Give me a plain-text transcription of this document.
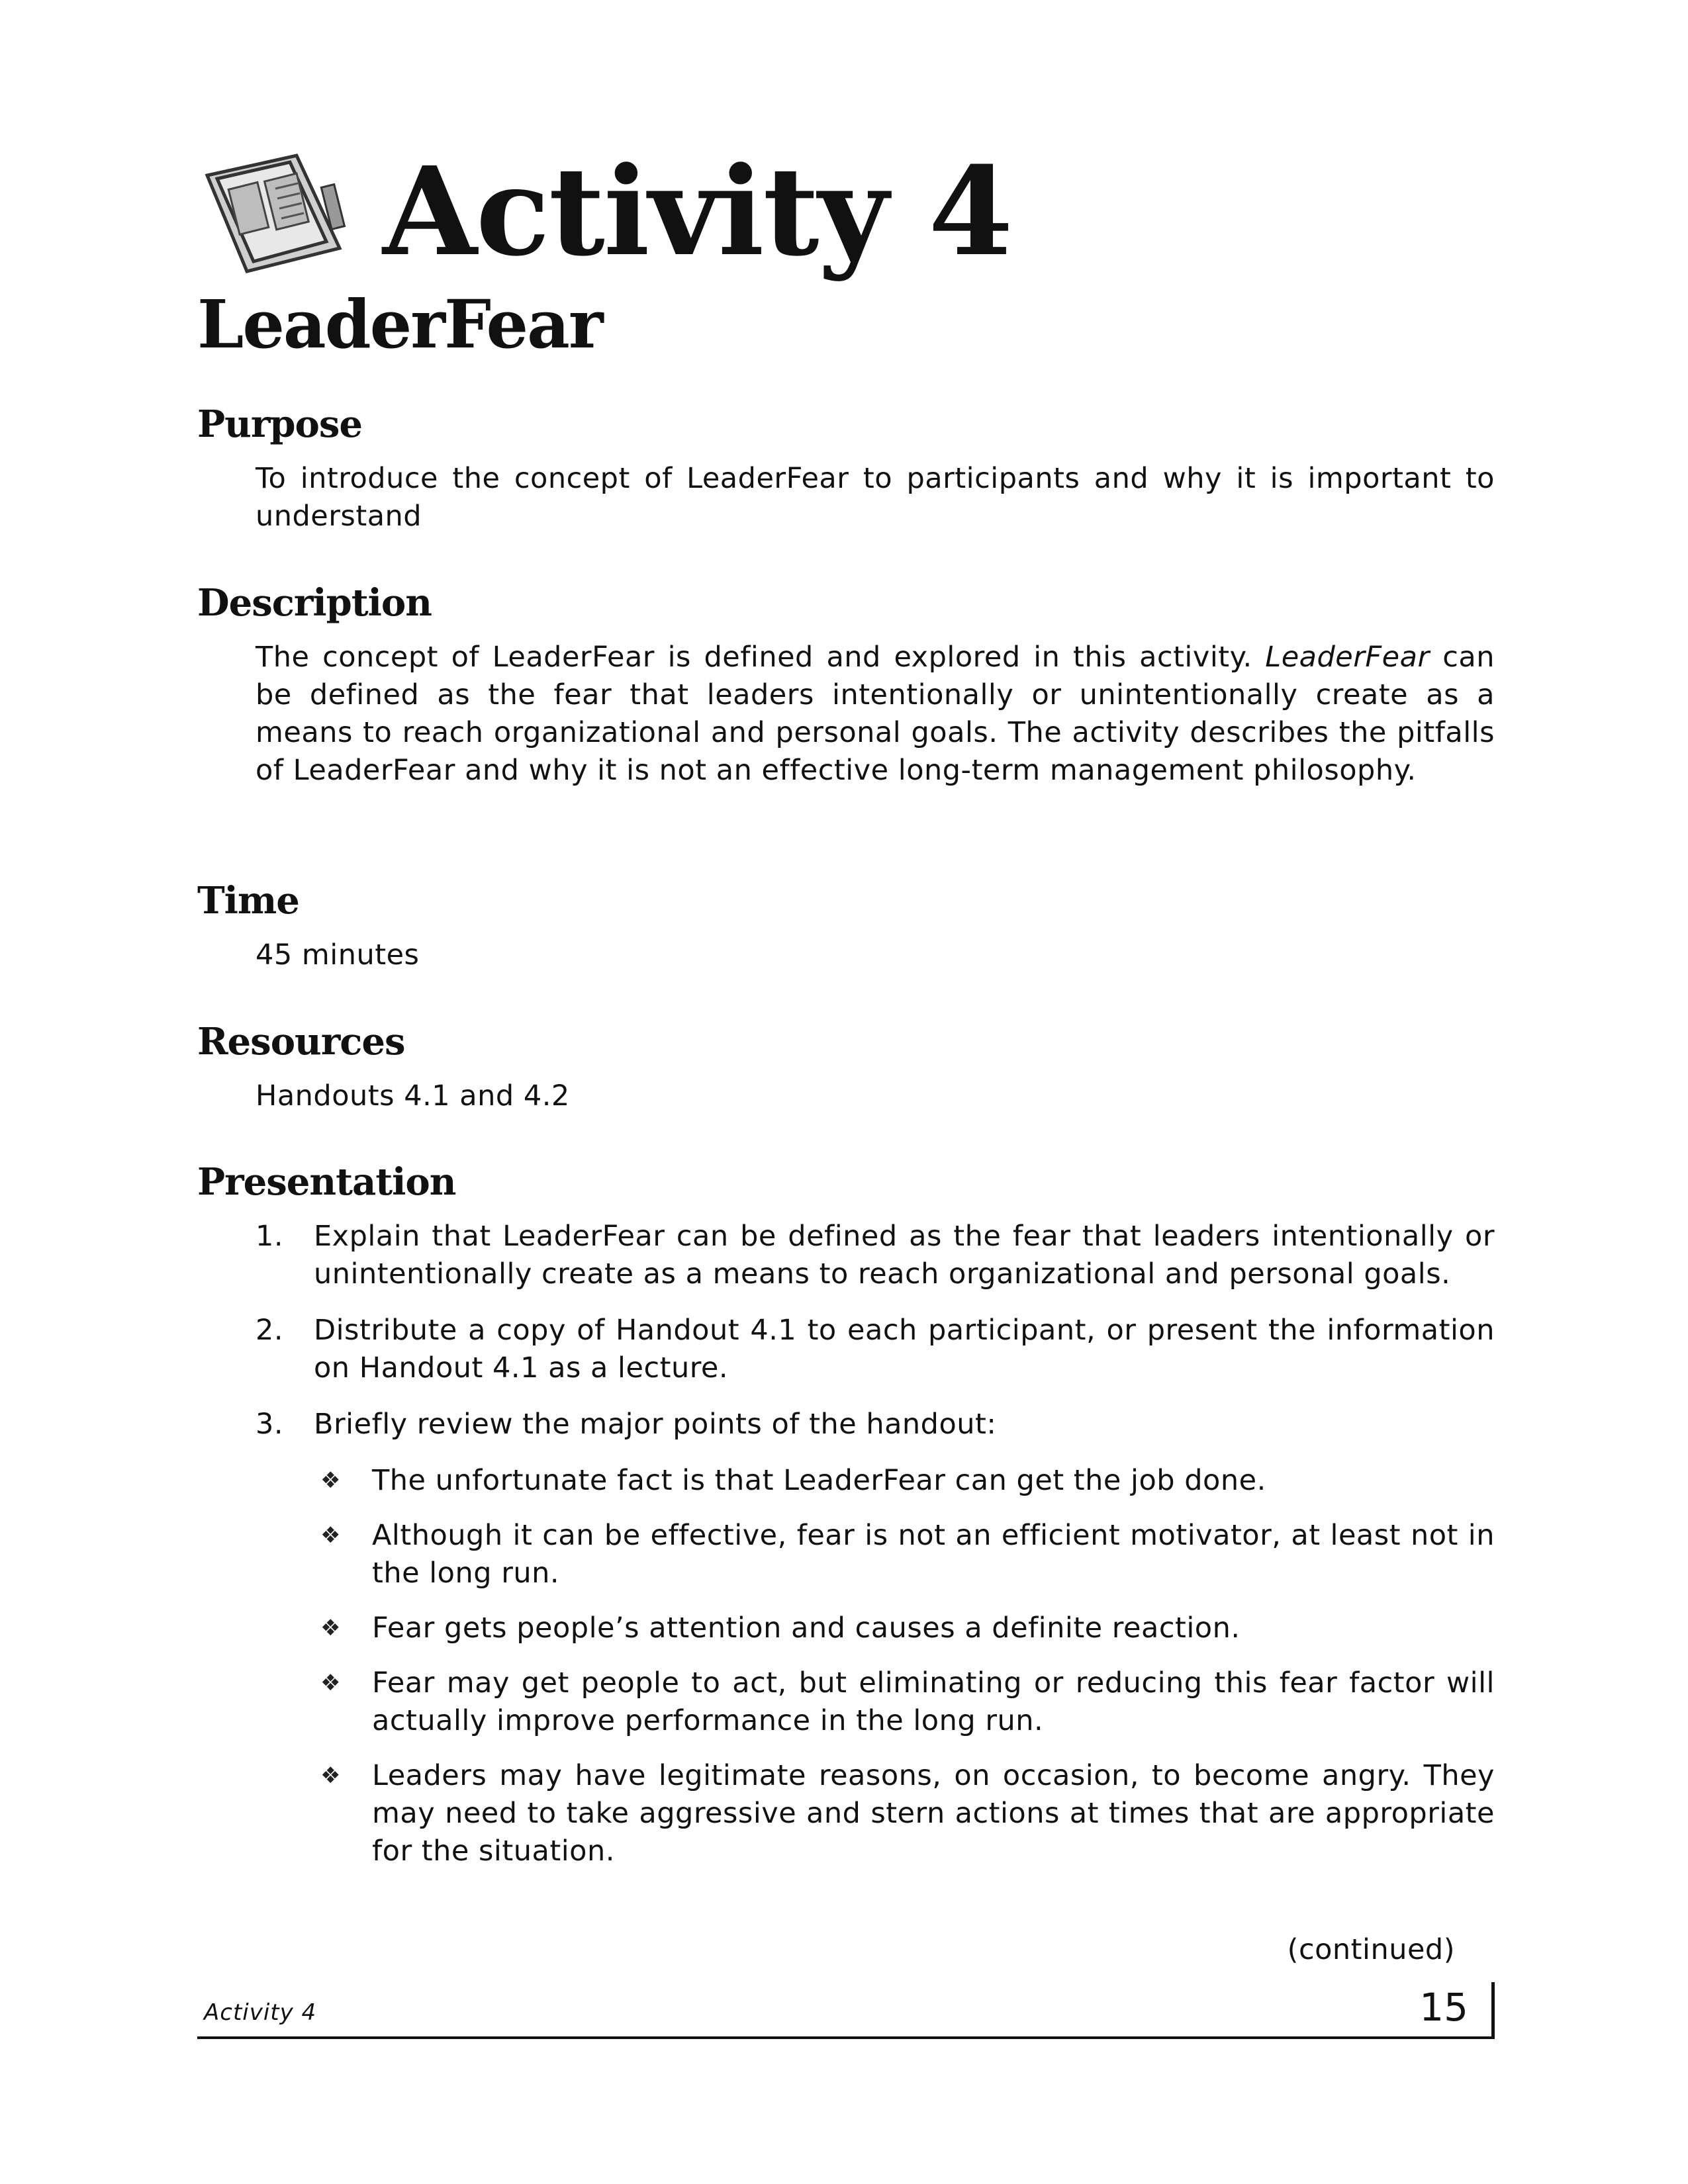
Activity 4
LeaderFear
Purpose

To introduce the concept of LeaderFear to participants and why it is important to understand

Description

The concept of LeaderFear is defined and explored in this activity. LeaderFear can be defined as the fear that leaders intentionally or unintentionally create as a means to reach organizational and personal goals. The activity describes the pitfalls of LeaderFear and why it is not an effective long-term management philosophy.

Time

45 minutes

Resources

Handouts 4.1 and 4.2

Presentation
1.	Explain that LeaderFear can be defined as the fear that leaders intentionally or unintentionally create as a means to reach organizational and personal goals.
2.	Distribute a copy of Handout 4.1 to each participant, or present the information on Handout 4.1 as a lecture.
3.	Briefly review the major points of the handout:
❖ The unfortunate fact is that LeaderFear can get the job done.
❖ Although it can be effective, fear is not an efficient motivator, at least not in the long run.
❖ Fear gets people’s attention and causes a definite reaction.
❖ Fear may get people to act, but eliminating or reducing this fear factor will actually improve performance in the long run.
❖ Leaders may have legitimate reasons, on occasion, to become angry. They may need to take aggressive and stern actions at times that are appropriate for the situation.
(continued)
Activity 4	15
